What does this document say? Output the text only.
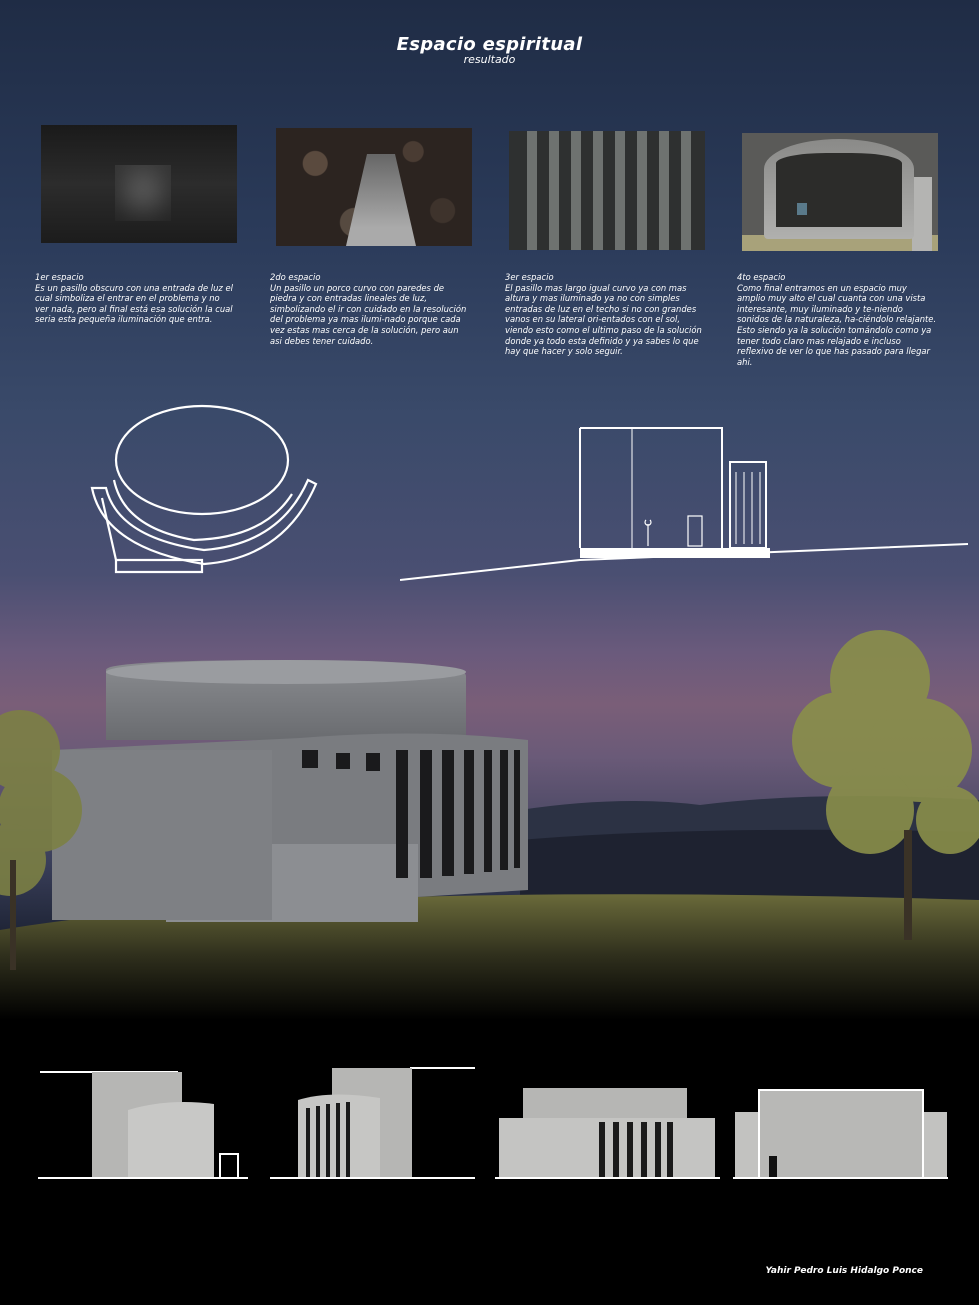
Espacio espiritual
resultado
1er espacio
Es un pasillo obscuro con una entrada de luz el cual simboliza el entrar en el problema y no ver nada, pero al final está esa solución la cual seria esta pequeña iluminación que entra.
2do espacio
Un pasillo un porco curvo con paredes de piedra y con entradas lineales de luz, simbolizando el ir con cuidado en la resolución del problema ya mas ilumi-nado porque cada vez estas mas cerca de la solución, pero aun asi debes tener cuidado.
3er espacio
El pasillo mas largo igual curvo ya con mas altura y mas iluminado ya no con simples entradas de luz en el techo si no con grandes vanos en su lateral ori-entados con el sol, viendo esto como el ultimo paso de la solución donde ya todo esta definido y ya sabes lo que hay que hacer y solo seguir.
4to espacio
Como final entramos en un espacio muy amplio muy alto el cual cuanta con una vista interesante, muy iluminado y te-niendo sonidos de la naturaleza, ha-ciéndolo relajante. Esto siendo ya la solución tomándolo como ya tener todo claro mas relajado e incluso reflexivo de ver lo que has pasado para llegar ahi.
Yahir Pedro Luis Hidalgo Ponce
